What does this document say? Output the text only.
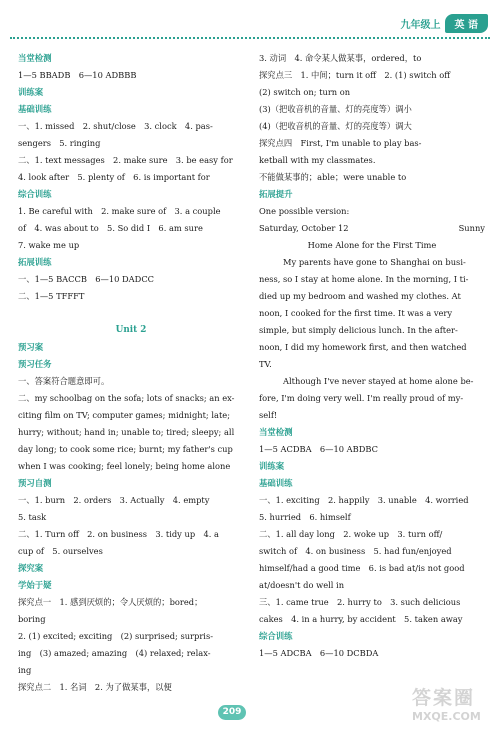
九年级上	英 语
当堂检测
1—5 BBADB　6—10 ADBBB
训练案
基础训练
一、1. missed　2. shut/close　3. clock　4. pas-
sengers　5. ringing
二、1. text messages　2. make sure　3. be easy for
4. look after　5. plenty of　6. is important for
综合训练
1. Be careful with　2. make sure of　3. a couple
of　4. was about to　5. So did I　6. am sure
7. wake me up
拓展训练
一、1—5 BACCB　6—10 DADCC
二、1—5 TFFFT
Unit 2
预习案
预习任务
一、答案符合题意即可。
二、my schoolbag on the sofa; lots of snacks; an ex-
citing film on TV; computer games; midnight; late;
hurry; without; hand in; unable to; tired; sleepy; all
day long; to cook some rice; burnt; my father's cup
when I was cooking; feel lonely; being home alone
预习自测
一、1. burn　2. orders　3. Actually　4. empty
5. task
二、1. Turn off　2. on business　3. tidy up　4. a
cup of　5. ourselves
探究案
学始于疑
探究点一　1. 感到厌烦的；令人厌烦的；bored；
boring
2. (1) excited; exciting　(2) surprised; surpris-
ing　(3) amazed; amazing　(4) relaxed; relax-
ing
探究点二　1. 名词　2. 为了做某事，以便
3. 动词　4. 命令某人做某事，ordered，to
探究点三　1. 中间；turn it off　2. (1) switch off
(2) switch on; turn on
(3)（把收音机的音量、灯的亮度等）调小
(4)（把收音机的音量、灯的亮度等）调大
探究点四　First, I'm unable to play bas-
ketball with my classmates.
不能做某事的；able；were unable to
拓展提升
One possible version:
Saturday, October 12	Sunny
Home Alone for the First Time
My parents have gone to Shanghai on busi-
ness, so I stay at home alone. In the morning, I ti-
died up my bedroom and washed my clothes. At
noon, I cooked for the first time. It was a very
simple, but simply delicious lunch. In the after-
noon, I did my homework first, and then watched
TV.
Although I've never stayed at home alone be-
fore, I'm doing very well. I'm really proud of my-
self!
当堂检测
1—5 ACDBA　6—10 ABDBC
训练案
基础训练
一、1. exciting　2. happily　3. unable　4. worried
5. hurried　6. himself
二、1. all day long　2. woke up　3. turn off/
switch of　4. on business　5. had fun/enjoyed
himself/had a good time　6. is bad at/is not good
at/doesn't do well in
三、1. came true　2. hurry to　3. such delicious
cakes　4. in a hurry, by accident　5. taken away
综合训练
1—5 ADCBA　6—10 DCBDA
209
答案圈
MXQE.COM
